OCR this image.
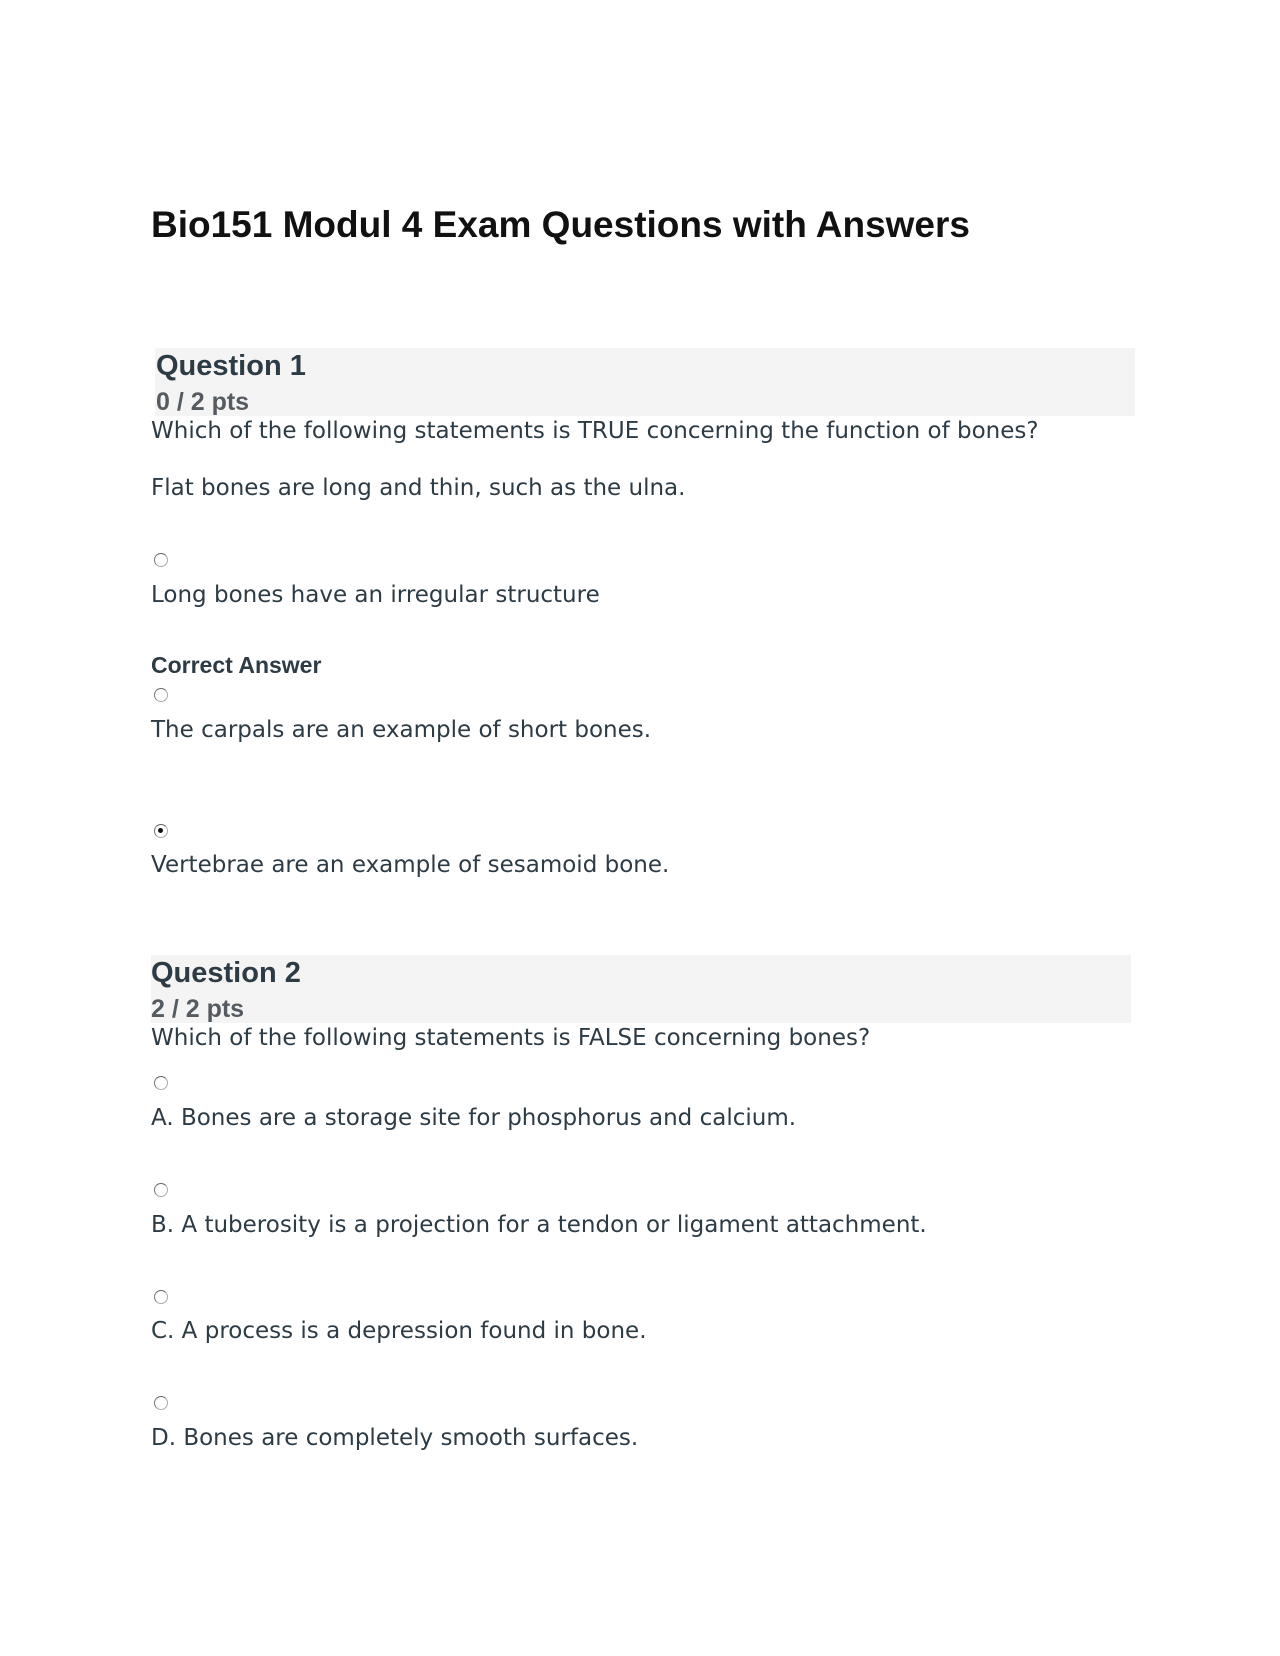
Bio151 Modul 4 Exam Questions with Answers
Question 1
0 / 2 pts
Which of the following statements is TRUE concerning the function of bones?
Flat bones are long and thin, such as the ulna.
Long bones have an irregular structure
Correct Answer
The carpals are an example of short bones.
Vertebrae are an example of sesamoid bone.
Question 2
2 / 2 pts
Which of the following statements is FALSE concerning bones?
A. Bones are a storage site for phosphorus and calcium.
B. A tuberosity is a projection for a tendon or ligament attachment.
C. A process is a depression found in bone.
D. Bones are completely smooth surfaces.
